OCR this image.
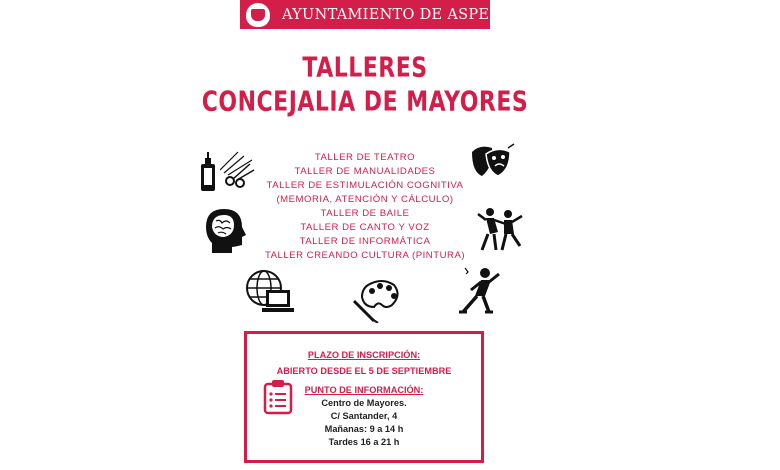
AYUNTAMIENTO DE ASPE
TALLERES
CONCEJALIA DE MAYORES
TALLER DE TEATRO
TALLER DE MANUALIDADES
TALLER DE ESTIMULACIÓN COGNITIVA
(MEMORIA, ATENCIÓN Y CÁLCULO)
TALLER DE BAILE
TALLER DE CANTO Y VOZ
TALLER DE INFORMÁTICA
TALLER CREANDO CULTURA (PINTURA)
PLAZO DE INSCRIPCIÓN:
ABIERTO DESDE EL 5 DE SEPTIEMBRE
PUNTO DE INFORMACIÓN:
Centro de Mayores.
C/ Santander, 4
Mañanas: 9 a 14 h
Tardes 16 a 21 h
